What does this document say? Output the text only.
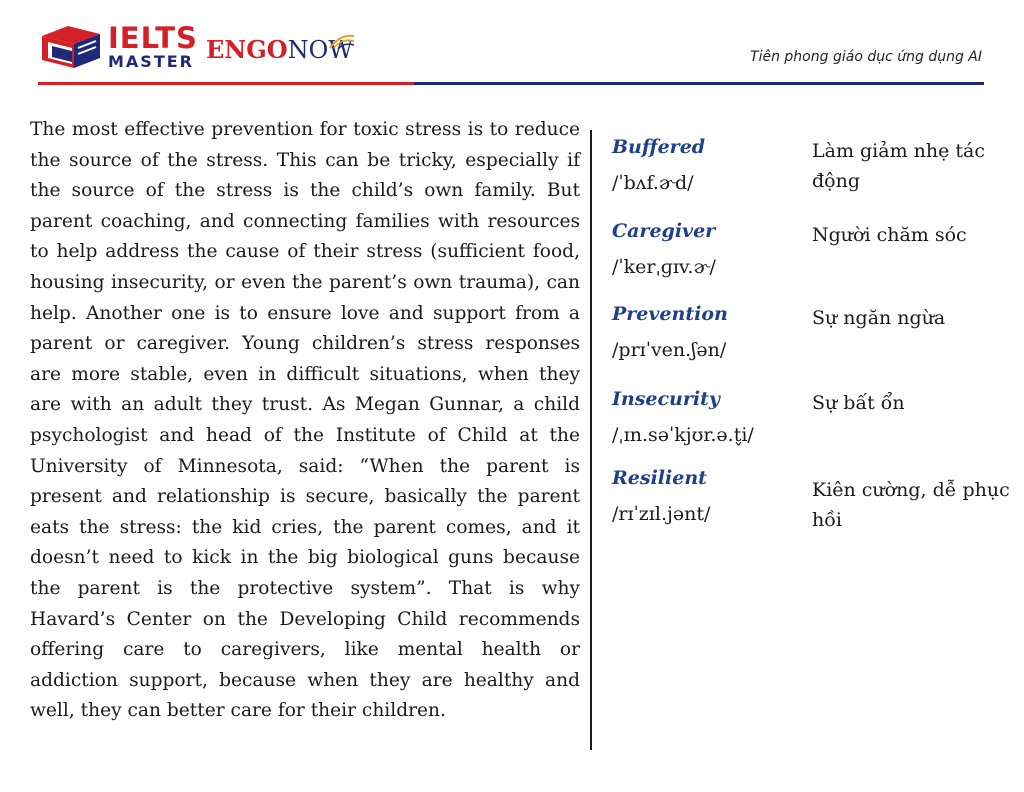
IELTS
MASTER ENGONOW	Tiên phong giáo dục ứng dụng AI

The most effective prevention for toxic stress is to reduce the source of the stress. This can be tricky, especially if the source of the stress is the child’s own family. But parent coaching, and connecting families with resources to help address the cause of their stress (sufficient food, housing insecurity, or even the parent’s own trauma), can help. Another one is to ensure love and support from a parent or caregiver. Young children’s stress responses are more stable, even in difficult situations, when they are with an adult they trust. As Megan Gunnar, a child psychologist and head of the Institute of Child at the University of Minnesota, said: “When the parent is present and relationship is secure, basically the parent eats the stress: the kid cries, the parent comes, and it doesn’t need to kick in the big biological guns because the parent is the protective system”. That is why Havard’s Center on the Developing Child recommends offering care to caregivers, like mental health or addiction support, because when they are healthy and well, they can better care for their children.

Buffered
/ˈbʌf.ɚd/
Làm giảm nhẹ tác động
Caregiver
/ˈkerˌɡɪv.ɚ/
Người chăm sóc
Prevention
/prɪˈven.ʃən/
Sự ngăn ngừa
Insecurity
/ˌɪn.səˈkjʊr.ə.t̬i/
Sự bất ổn
Resilient
/rɪˈzɪl.jənt/
Kiên cường, dễ phục hồi
